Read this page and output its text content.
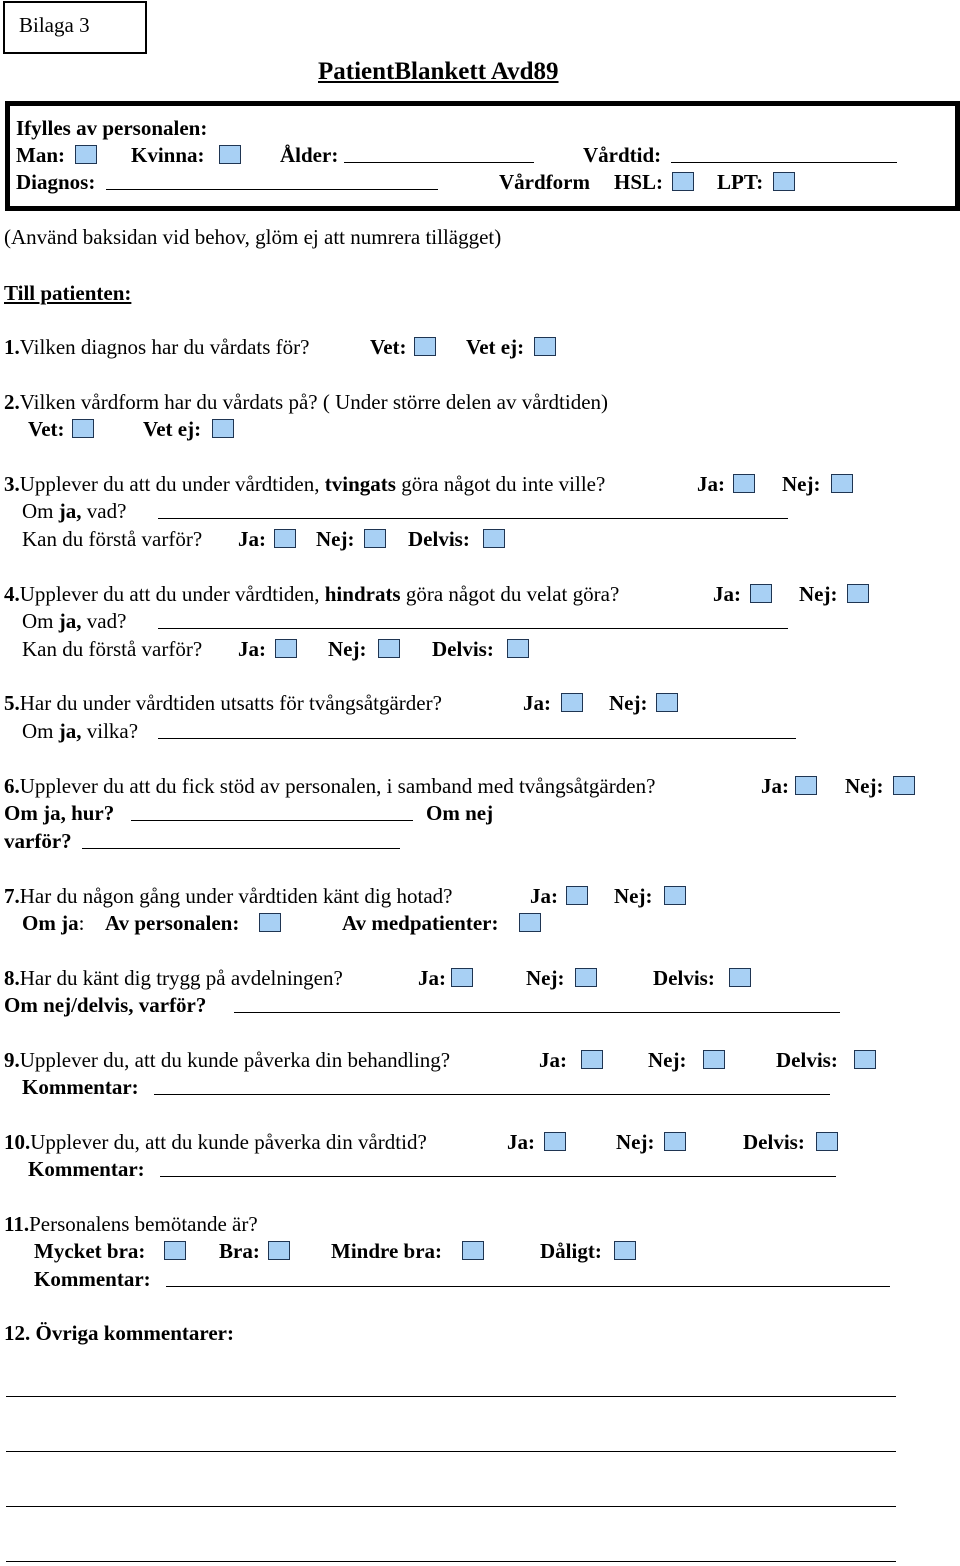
Bilaga 3
PatientBlankett Avd89
Ifylles av personalen:
Man:	Kvinna:	Ålder:	Vårdtid:
Diagnos:	Vårdform HSL:	LPT:
(Använd baksidan vid behov, glöm ej att numrera tillägget)
Till patienten:
1.Vilken diagnos har du vårdats för?	Vet:	Vet ej:
2.Vilken vårdform har du vårdats på? ( Under större delen av vårdtiden)
Vet:	Vet ej:
3.Upplever du att du under vårdtiden, tvingats göra något du inte ville?	Ja:	Nej:
Om ja, vad?
Kan du förstå varför? Ja: Nej:	Delvis:
4.Upplever du att du under vårdtiden, hindrats göra något du velat göra?	Ja:	Nej:
Om ja, vad?
Kan du förstå varför? Ja:	Nej:	Delvis:
5.Har du under vårdtiden utsatts för tvångsåtgärder?	Ja:	Nej:
Om ja, vilka?
6.Upplever du att du fick stöd av personalen, i samband med tvångsåtgärden?	Ja:	Nej:
Om ja, hur?	Om nej
varför?
7.Har du någon gång under vårdtiden känt dig hotad?	Ja:	Nej:
Om ja: Av personalen:	Av medpatienter:
8.Har du känt dig trygg på avdelningen?	Ja:	Nej:	Delvis:
Om nej/delvis, varför?
9.Upplever du, att du kunde påverka din behandling?	Ja:	Nej:	Delvis:
Kommentar:
10.Upplever du, att du kunde påverka din vårdtid?	Ja:	Nej:	Delvis:
Kommentar:
11.Personalens bemötande är?
Mycket bra:	Bra:	Mindre bra:	Dåligt:
Kommentar:
12. Övriga kommentarer:
